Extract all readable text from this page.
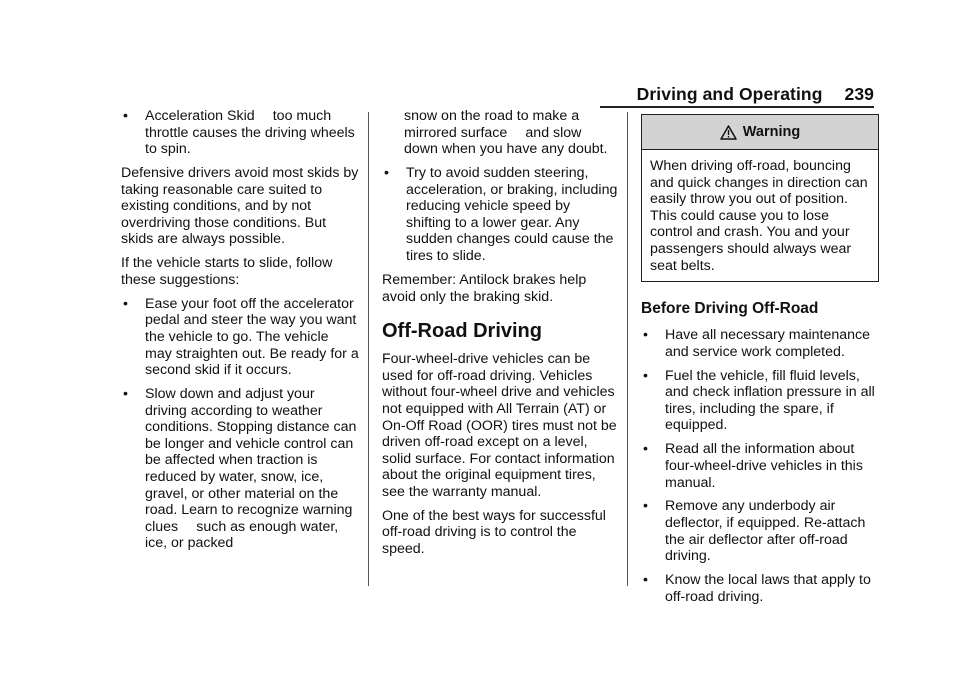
Driving and Operating 239
•	Acceleration Skid  too much throttle causes the driving wheels to spin.

Defensive drivers avoid most skids by taking reasonable care suited to existing conditions, and by not overdriving those conditions. But skids are always possible.

If the vehicle starts to slide, follow these suggestions:

•	Ease your foot off the accelerator pedal and steer the way you want the vehicle to go. The vehicle may straighten out. Be ready for a second skid if it occurs.
•	Slow down and adjust your driving according to weather conditions. Stopping distance can be longer and vehicle control can be affected when traction is reduced by water, snow, ice, gravel, or other material on the road. Learn to recognize warning clues  such as enough water, ice, or packed
snow on the road to make a mirrored surface  and slow down when you have any doubt.
•	Try to avoid sudden steering, acceleration, or braking, including reducing vehicle speed by shifting to a lower gear. Any sudden changes could cause the tires to slide.

Remember: Antilock brakes help avoid only the braking skid.

Off-Road Driving

Four-wheel-drive vehicles can be used for off-road driving. Vehicles without four-wheel drive and vehicles not equipped with All Terrain (AT) or On-Off Road (OOR) tires must not be driven off-road except on a level, solid surface. For contact information about the original equipment tires, see the warranty manual.

One of the best ways for successful off-road driving is to control the speed.

Warning
When driving off-road, bouncing and quick changes in direction can easily throw you out of position. This could cause you to lose control and crash. You and your passengers should always wear seat belts.
Before Driving Off-Road
•	Have all necessary maintenance and service work completed.
•	Fuel the vehicle, fill fluid levels, and check inflation pressure in all tires, including the spare, if equipped.
•	Read all the information about four-wheel-drive vehicles in this manual.
•	Remove any underbody air deflector, if equipped. Re-attach the air deflector after off-road driving.
•	Know the local laws that apply to off-road driving.
